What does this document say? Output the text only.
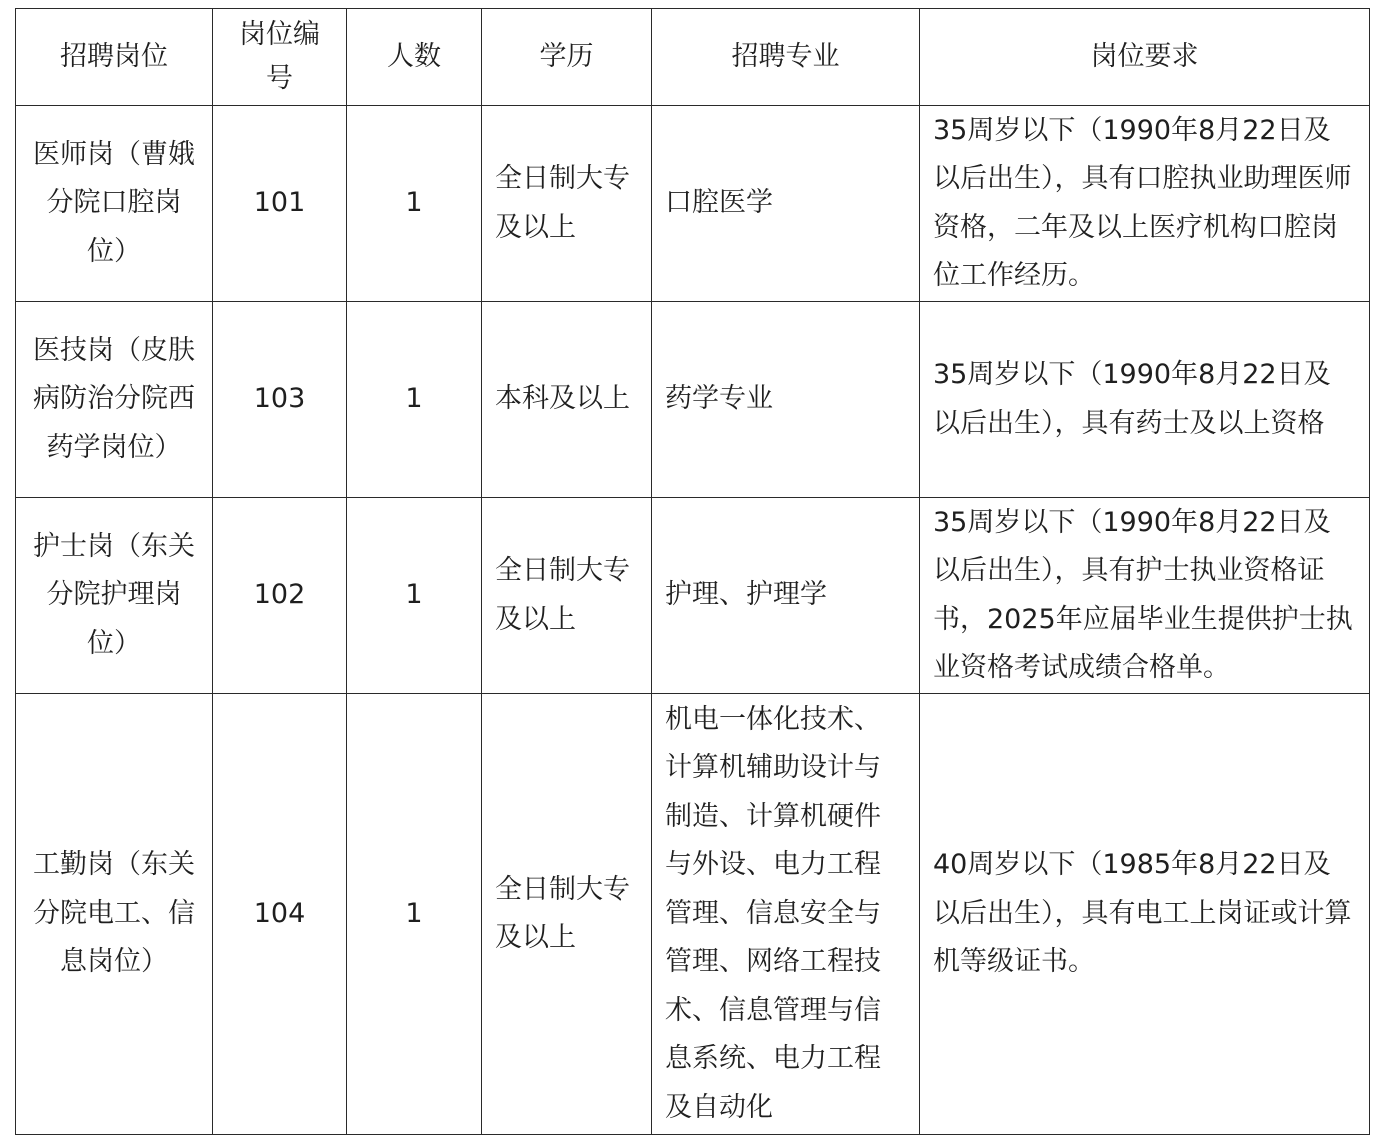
招聘岗位	岗位编号	人数	学历	招聘专业	岗位要求
医师岗（曹娥分院口腔岗位）	101	1	全日制大专及以上	口腔医学	35周岁以下（1990年8月22日及以后出生），具有口腔执业助理医师资格，二年及以上医疗机构口腔岗位工作经历。
医技岗（皮肤病防治分院西药学岗位）	103	1	本科及以上	药学专业	35周岁以下（1990年8月22日及以后出生），具有药士及以上资格
护士岗（东关分院护理岗位）	102	1	全日制大专及以上	护理、护理学	35周岁以下（1990年8月22日及以后出生），具有护士执业资格证书，2025年应届毕业生提供护士执业资格考试成绩合格单。
工勤岗（东关分院电工、信息岗位）	104	1	全日制大专及以上	机电一体化技术、计算机辅助设计与制造、计算机硬件与外设、电力工程管理、信息安全与管理、网络工程技术、信息管理与信息系统、电力工程及自动化	40周岁以下（1985年8月22日及以后出生），具有电工上岗证或计算机等级证书。
